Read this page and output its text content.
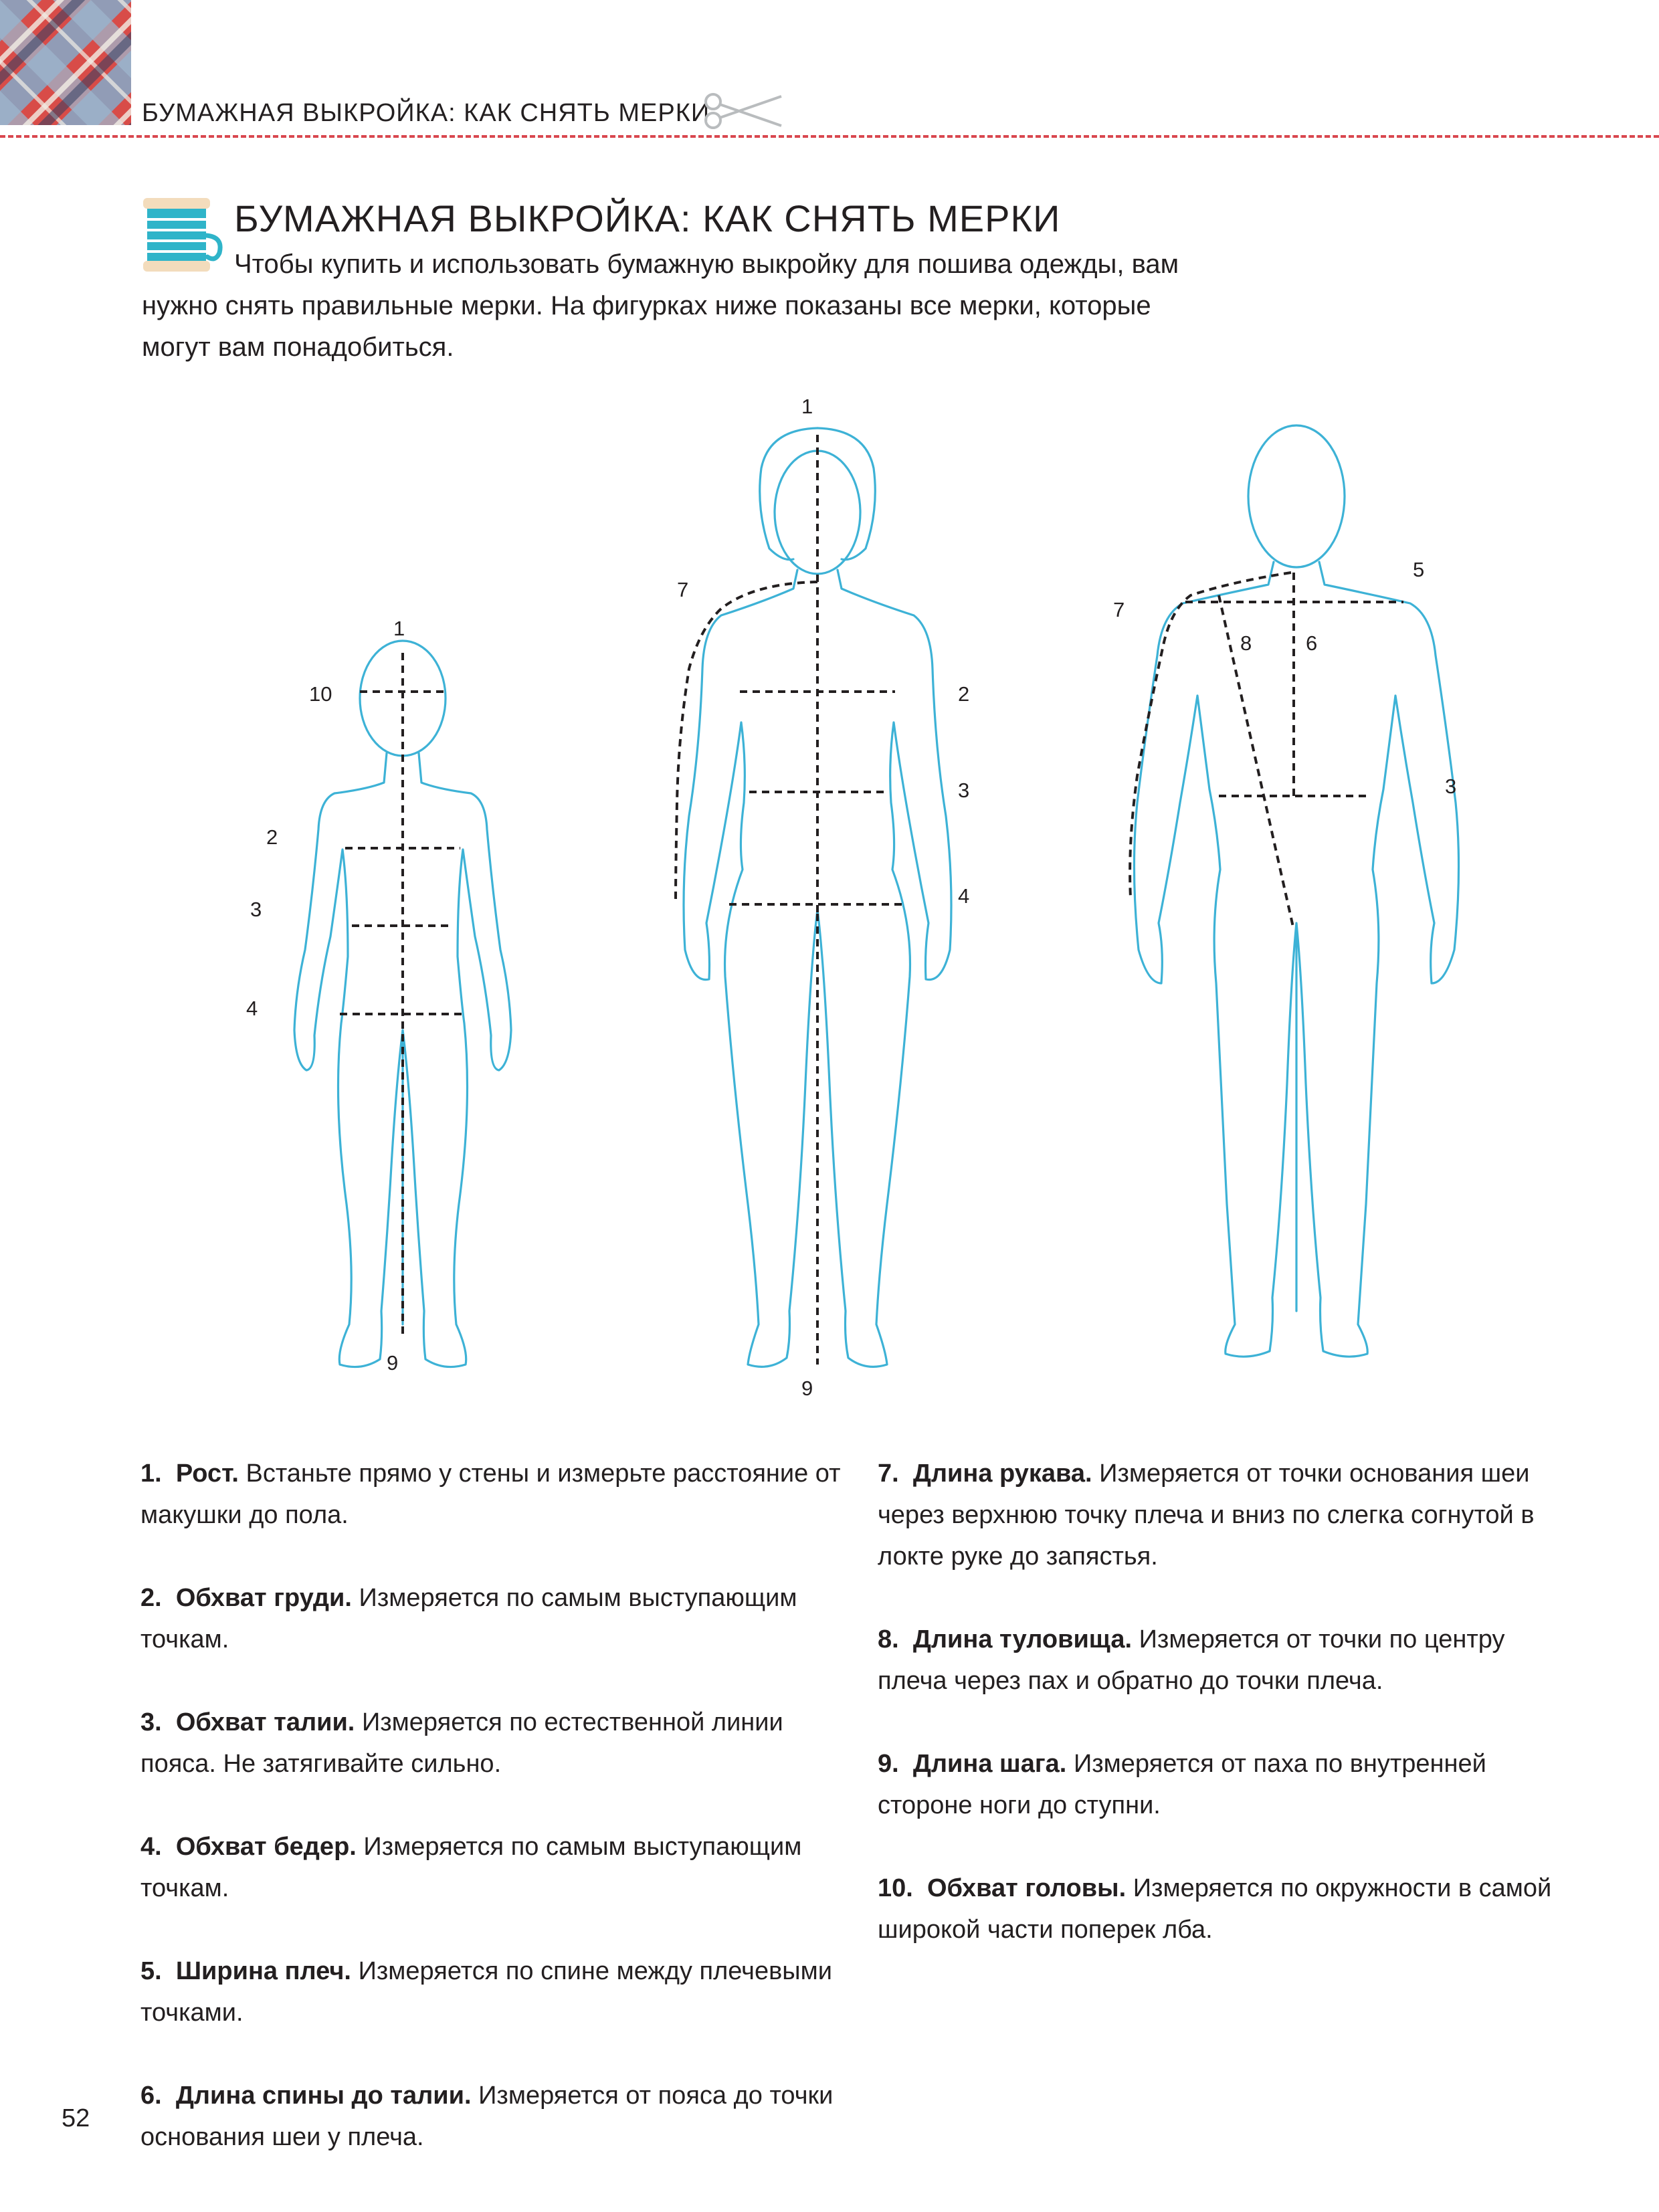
БУМАЖНАЯ ВЫКРОЙКА: КАК СНЯТЬ МЕРКИ
БУМАЖНАЯ ВЫКРОЙКА: КАК СНЯТЬ МЕРКИ
Чтобы купить и использовать бумажную выкройку для пошива одежды, вам нужно снять правильные мерки. На фигурках ниже показаны все мерки, которые могут вам понадобиться.
1
10
2
3
4
9
1
7
2
3
4
9
5
7
8	6
3
1. Рост. Встаньте прямо у стены и измерьте расстояние от макушки до пола.
2. Обхват груди. Измеряется по самым выступающим точкам.
3. Обхват талии. Измеряется по естественной линии пояса. Не затягивайте сильно.
4. Обхват бедер. Измеряется по самым выступающим точкам.
5. Ширина плеч. Измеряется по спине между плечевыми точками.
6. Длина спины до талии. Измеряется от пояса до точки основания шеи у плеча.
7. Длина рукава. Измеряется от точки основания шеи через верхнюю точку плеча и вниз по слегка согнутой в локте руке до запястья.
8. Длина туловища. Измеряется от точки по центру плеча через пах и обратно до точки плеча.
9. Длина шага. Измеряется от паха по внутренней стороне ноги до ступни.
10. Обхват головы. Измеряется по окружности в самой широкой части поперек лба.
52
